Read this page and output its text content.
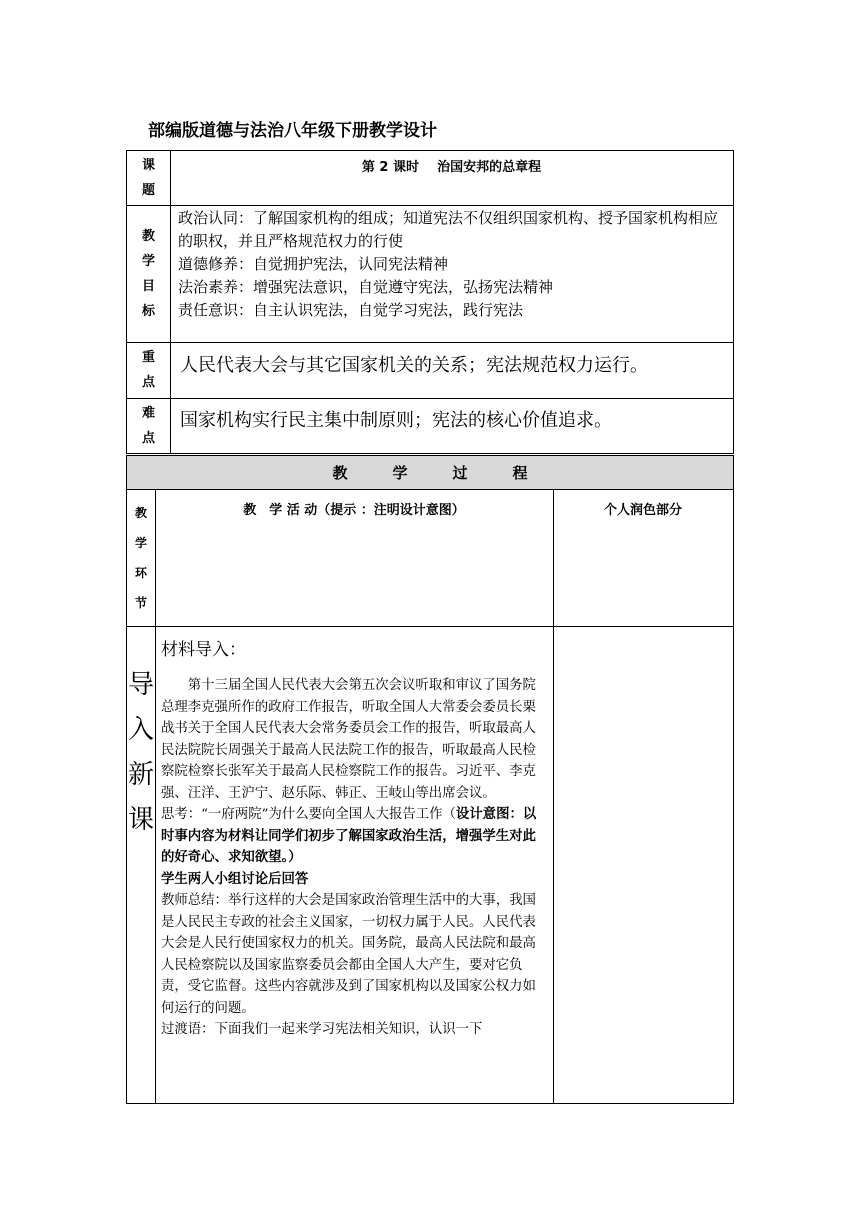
部编版道德与法治八年级下册教学设计
课
题
第 2 课时    治国安邦的总章程
教
学
目
标

政治认同：了解国家机构的组成；知道宪法不仅组织国家机构、授予国家机构相应的职权，并且严格规范权力的行使

道德修养：自觉拥护宪法，认同宪法精神

法治素养：增强宪法意识，自觉遵守宪法，弘扬宪法精神

责任意识：自主认识宪法，自觉学习宪法，践行宪法

重
点
人民代表大会与其它国家机关的关系；宪法规范权力运行。
难
点
国家机构实行民主集中制原则；宪法的核心价值追求。
教　　　学　　　过　　　程
教
学
环
节
教　学 活 动（提示 ：注明设计意图）	个人润色部分
导
入
新
课
材料导入：

第十三届全国人民代表大会第五次会议听取和审议了国务院总理李克强所作的政府工作报告，听取全国人大常委会委员长栗战书关于全国人民代表大会常务委员会工作的报告，听取最高人民法院院长周强关于最高人民法院工作的报告，听取最高人民检察院检察长张军关于最高人民检察院工作的报告。习近平、李克强、汪洋、王沪宁、赵乐际、韩正、王岐山等出席会议。

思考：“一府两院”为什么要向全国人大报告工作（设计意图：以时事内容为材料让同学们初步了解国家政治生活，增强学生对此的好奇心、求知欲望。）

学生两人小组讨论后回答

教师总结：举行这样的大会是国家政治管理生活中的大事，我国是人民民主专政的社会主义国家，一切权力属于人民。人民代表大会是人民行使国家权力的机关。国务院，最高人民法院和最高人民检察院以及国家监察委员会都由全国人大产生，要对它负责，受它监督。这些内容就涉及到了国家机构以及国家公权力如何运行的问题。

过渡语：下面我们一起来学习宪法相关知识，认识一下
